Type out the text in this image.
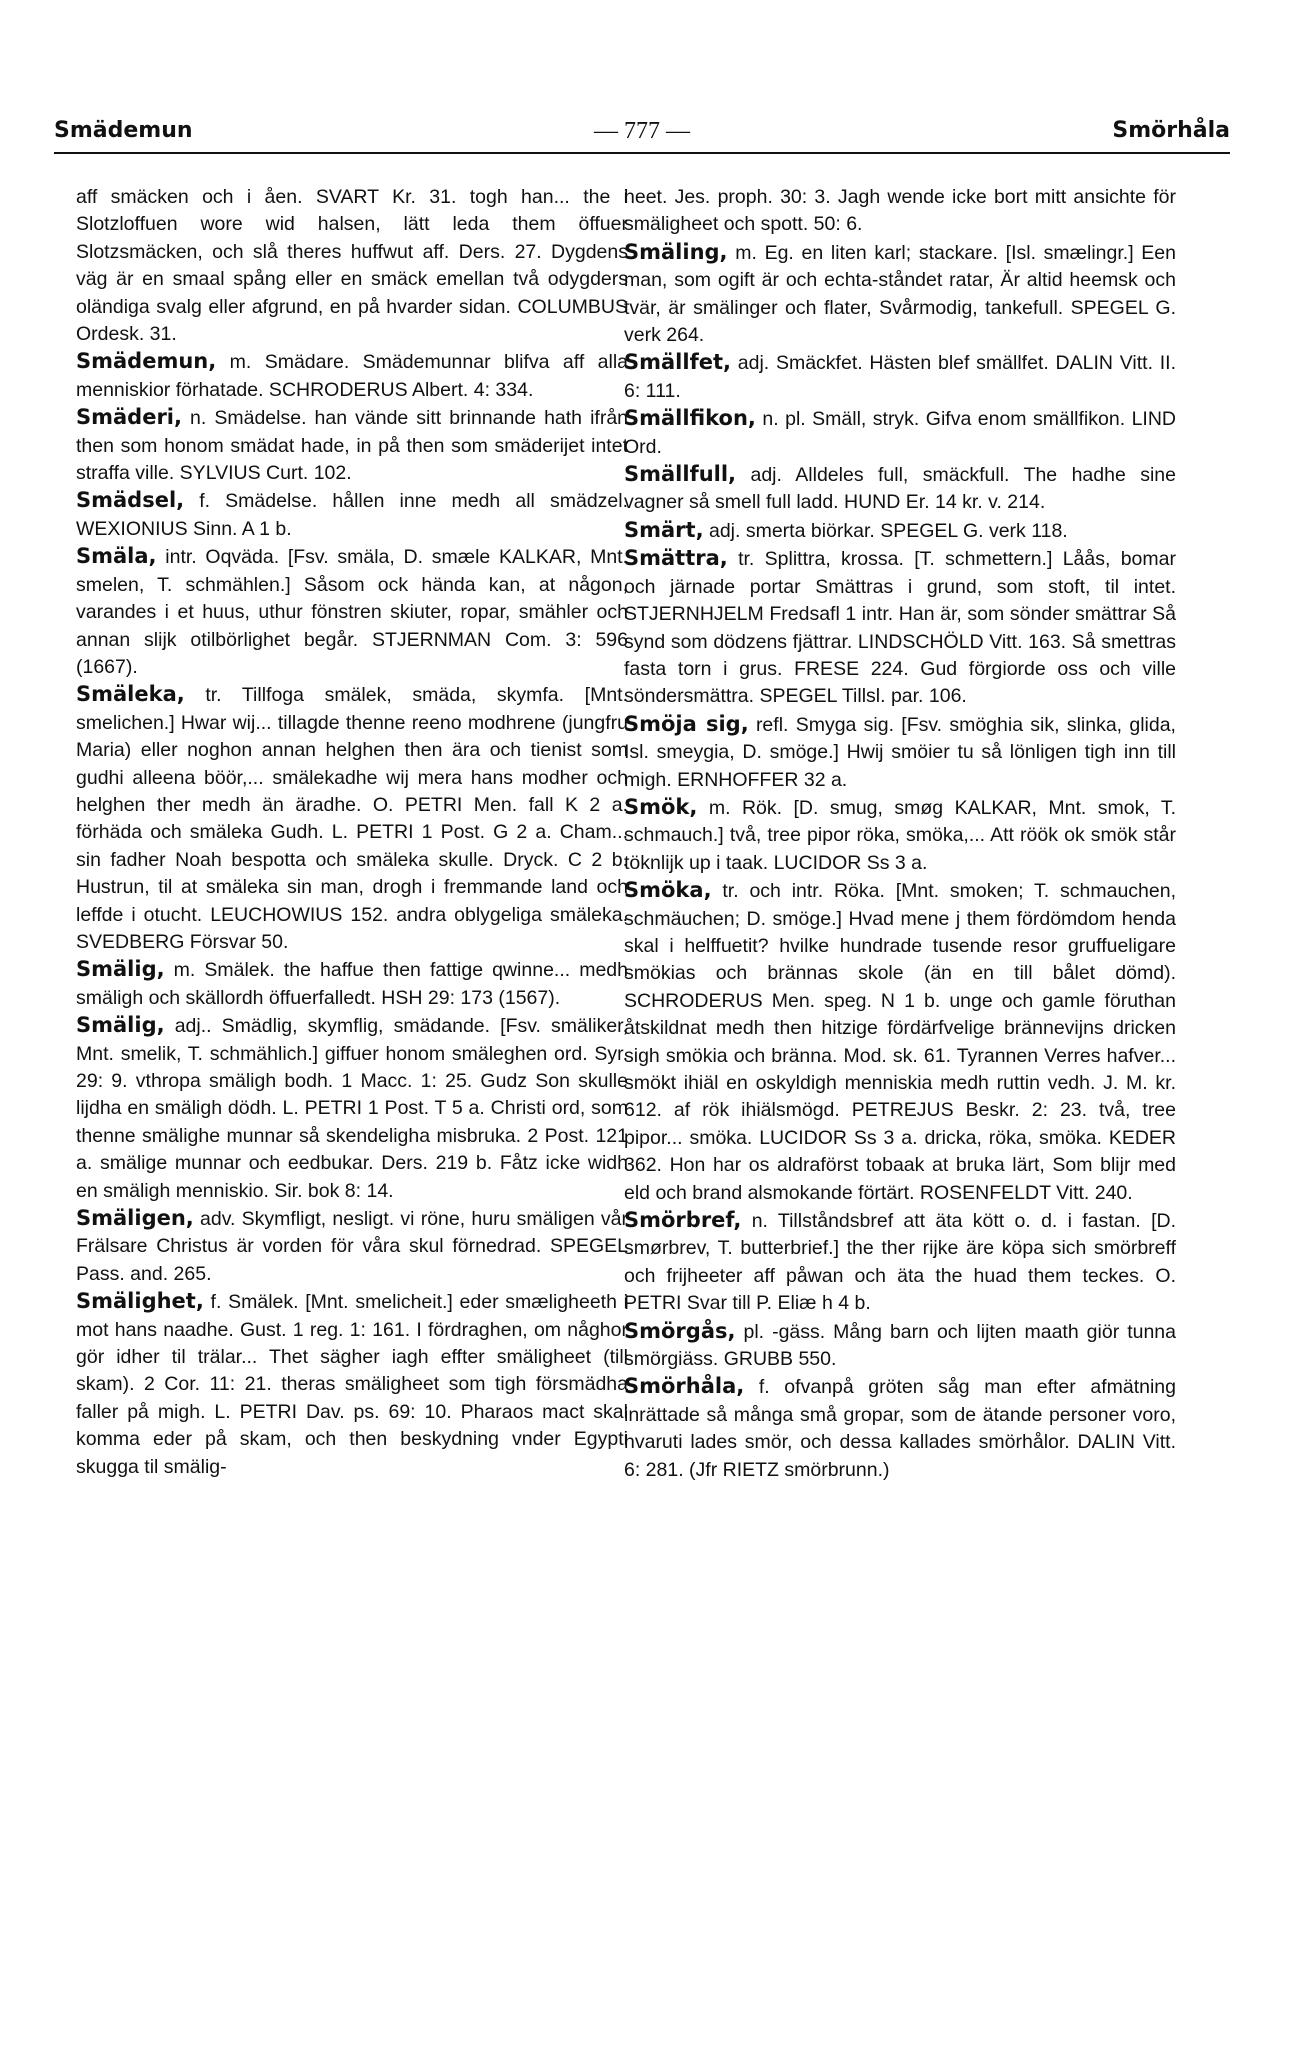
Smädemun	— 777 —	Smörhåla

aff smäcken och i åen. SVART Kr. 31. togh han... the i Slotzloffuen wore wid halsen, lätt leda them öffuer Slotzsmäcken, och slå theres huffwut aff. Ders. 27. Dygdens väg är en smaal spång eller en smäck emellan två odygders oländiga svalg eller afgrund, en på hvarder sidan. COLUMBUS Ordesk. 31.

Smädemun, m. Smädare. Smädemunnar blifva aff alla menniskior förhatade. SCHRODERUS Albert. 4: 334.

Smäderi, n. Smädelse. han vände sitt brinnande hath ifrån then som honom smädat hade, in på then som smäderijet intet straffa ville. SYLVIUS Curt. 102.

Smädsel, f. Smädelse. hållen inne medh all smädzel. WEXIONIUS Sinn. A 1 b.

Smäla, intr. Oqväda. [Fsv. smäla, D. smæle KALKAR, Mnt. smelen, T. schmählen.] Såsom ock hända kan, at någon, varandes i et huus, uthur fönstren skiuter, ropar, smähler och annan slijk otilbörlighet begår. STJERNMAN Com. 3: 596 (1667).

Smäleka, tr. Tillfoga smälek, smäda, skymfa. [Mnt. smelichen.] Hwar wij... tillagde thenne reeno modhrene (jungfru Maria) eller noghon annan helghen then ära och tienist som gudhi alleena böör,... smälekadhe wij mera hans modher och helghen ther medh än äradhe. O. PETRI Men. fall K 2 a. förhäda och smäleka Gudh. L. PETRI 1 Post. G 2 a. Cham... sin fadher Noah bespotta och smäleka skulle. Dryck. C 2 b. Hustrun, til at smäleka sin man, drogh i fremmande land och leffde i otucht. LEUCHOWIUS 152. andra oblygeliga smäleka. SVEDBERG Försvar 50.

Smälig, m. Smälek. the haffue then fattige qwinne... medh smäligh och skällordh öffuerfalledt. HSH 29: 173 (1567).

Smälig, adj.. Smädlig, skymflig, smädande. [Fsv. smäliker, Mnt. smelik, T. schmählich.] giffuer honom smäleghen ord. Syr. 29: 9. vthropa smäligh bodh. 1 Macc. 1: 25. Gudz Son skulle lijdha en smäligh dödh. L. PETRI 1 Post. T 5 a. Christi ord, som thenne smälighe munnar så skendeligha misbruka. 2 Post. 121 a. smälige munnar och eedbukar. Ders. 219 b. Fåtz icke widh en smäligh menniskio. Sir. bok 8: 14.

Smäligen, adv. Skymfligt, nesligt. vi röne, huru smäligen vår Frälsare Christus är vorden för våra skul förnedrad. SPEGEL Pass. and. 265.

Smälighet, f. Smälek. [Mnt. smelicheit.] eder smæligheeth i mot hans naadhe. Gust. 1 reg. 1: 161. I fördraghen, om någhor gör idher til trälar... Thet sägher iagh effter smäligheet (till skam). 2 Cor. 11: 21. theras smäligheet som tigh försmädha faller på migh. L. PETRI Dav. ps. 69: 10. Pharaos mact skal komma eder på skam, och then beskydning vnder Egypti skugga til smälig-

heet. Jes. proph. 30: 3. Jagh wende icke bort mitt ansichte för smäligheet och spott. 50: 6.

Smäling, m. Eg. en liten karl; stackare. [Isl. smælingr.] Een man, som ogift är och echta-ståndet ratar, Är altid heemsk och tvär, är smälinger och flater, Svårmodig, tankefull. SPEGEL G. verk 264.

Smällfet, adj. Smäckfet. Hästen blef smällfet. DALIN Vitt. II. 6: 111.

Smällfikon, n. pl. Smäll, stryk. Gifva enom smällfikon. LIND Ord.

Smällfull, adj. Alldeles full, smäckfull. The hadhe sine vagner så smell full ladd. HUND Er. 14 kr. v. 214.

Smärt, adj. smerta biörkar. SPEGEL G. verk 118.

Smättra, tr. Splittra, krossa. [T. schmettern.] Låås, bomar och järnade portar Smättras i grund, som stoft, til intet. STJERNHJELM Fredsafl 1 intr. Han är, som sönder smättrar Så synd som dödzens fjättrar. LINDSCHÖLD Vitt. 163. Så smettras fasta torn i grus. FRESE 224. Gud förgiorde oss och ville söndersmättra. SPEGEL Tillsl. par. 106.

Smöja sig, refl. Smyga sig. [Fsv. smöghia sik, slinka, glida, Isl. smeygia, D. smöge.] Hwij smöier tu så lönligen tigh inn till migh. ERNHOFFER 32 a.

Smök, m. Rök. [D. smug, smøg KALKAR, Mnt. smok, T. schmauch.] två, tree pipor röka, smöka,... Att röök ok smök står töknlijk up i taak. LUCIDOR Ss 3 a.

Smöka, tr. och intr. Röka. [Mnt. smoken; T. schmauchen, schmäuchen; D. smöge.] Hvad mene j them fördömdom henda skal i helffuetit? hvilke hundrade tusende resor gruffueligare smökias och brännas skole (än en till bålet dömd). SCHRODERUS Men. speg. N 1 b. unge och gamle föruthan åtskildnat medh then hitzige fördärfvelige brännevijns dricken sigh smökia och bränna. Mod. sk. 61. Tyrannen Verres hafver... smökt ihiäl en oskyldigh menniskia medh ruttin vedh. J. M. kr. 612. af rök ihiälsmögd. PETREJUS Beskr. 2: 23. två, tree pipor... smöka. LUCIDOR Ss 3 a. dricka, röka, smöka. KEDER 362. Hon har os aldraförst tobaak at bruka lärt, Som blijr med eld och brand alsmokande förtärt. ROSENFELDT Vitt. 240.

Smörbref, n. Tillståndsbref att äta kött o. d. i fastan. [D. smørbrev, T. butterbrief.] the ther rijke äre köpa sich smörbreff och frijheeter aff påwan och äta the huad them teckes. O. PETRI Svar till P. Eliæ h 4 b.

Smörgås, pl. -gäss. Mång barn och lijten maath giör tunna smörgiäss. GRUBB 550.

Smörhåla, f. ofvanpå gröten såg man efter afmätning inrättade så många små gropar, som de ätande personer voro, hvaruti lades smör, och dessa kallades smörhålor. DALIN Vitt. 6: 281. (Jfr RIETZ smörbrunn.)
